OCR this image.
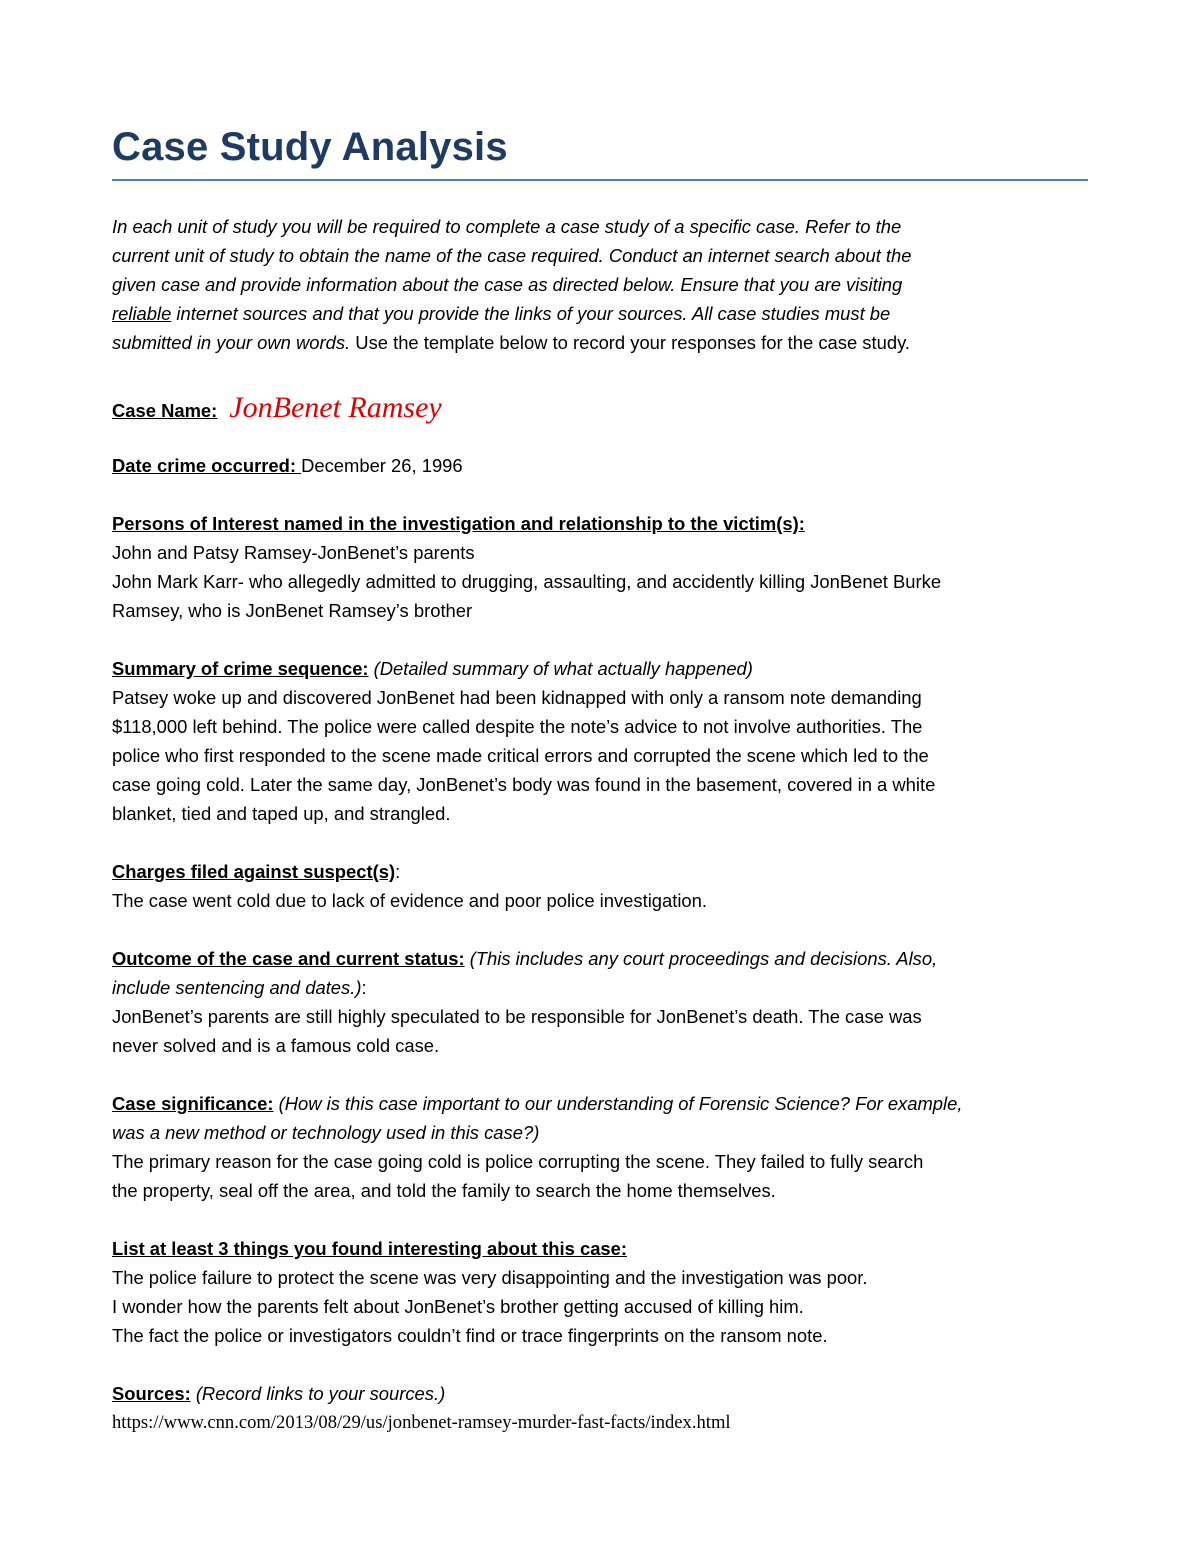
Case Study Analysis
In each unit of study you will be required to complete a case study of a specific case. Refer to the
current unit of study to obtain the name of the case required. Conduct an internet search about the
given case and provide information about the case as directed below. Ensure that you are visiting
reliable internet sources and that you provide the links of your sources. All case studies must be
submitted in your own words. Use the template below to record your responses for the case study.
Case Name: JonBenet Ramsey
Date crime occurred: December 26, 1996
Persons of Interest named in the investigation and relationship to the victim(s):
John and Patsy Ramsey-JonBenet’s parents
John Mark Karr- who allegedly admitted to drugging, assaulting, and accidently killing JonBenet Burke
Ramsey, who is JonBenet Ramsey’s brother
Summary of crime sequence: (Detailed summary of what actually happened)
Patsey woke up and discovered JonBenet had been kidnapped with only a ransom note demanding
$118,000 left behind. The police were called despite the note’s advice to not involve authorities. The
police who first responded to the scene made critical errors and corrupted the scene which led to the
case going cold. Later the same day, JonBenet’s body was found in the basement, covered in a white
blanket, tied and taped up, and strangled.
Charges filed against suspect(s):
The case went cold due to lack of evidence and poor police investigation.
Outcome of the case and current status: (This includes any court proceedings and decisions. Also,
include sentencing and dates.):
JonBenet’s parents are still highly speculated to be responsible for JonBenet’s death. The case was
never solved and is a famous cold case.
Case significance: (How is this case important to our understanding of Forensic Science? For example,
was a new method or technology used in this case?)
The primary reason for the case going cold is police corrupting the scene. They failed to fully search
the property, seal off the area, and told the family to search the home themselves.
List at least 3 things you found interesting about this case:
The police failure to protect the scene was very disappointing and the investigation was poor.
I wonder how the parents felt about JonBenet’s brother getting accused of killing him.
The fact the police or investigators couldn’t find or trace fingerprints on the ransom note.
Sources: (Record links to your sources.)
https://www.cnn.com/2013/08/29/us/jonbenet-ramsey-murder-fast-facts/index.html
